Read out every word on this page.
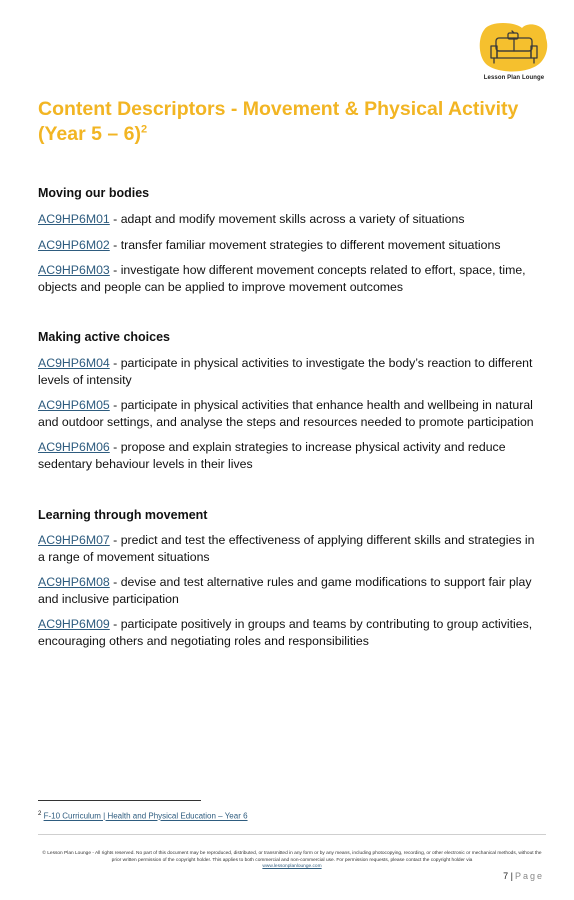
Lesson Plan Lounge
Content Descriptors - Movement & Physical Activity (Year 5 – 6)$^2$
Moving our bodies

AC9HP6M01 - adapt and modify movement skills across a variety of situations

AC9HP6M02 - transfer familiar movement strategies to different movement situations

AC9HP6M03 - investigate how different movement concepts related to effort, space, time, objects and people can be applied to improve movement outcomes

Making active choices

AC9HP6M04 - participate in physical activities to investigate the body’s reaction to different levels of intensity

AC9HP6M05 - participate in physical activities that enhance health and wellbeing in natural and outdoor settings, and analyse the steps and resources needed to promote participation

AC9HP6M06 - propose and explain strategies to increase physical activity and reduce sedentary behaviour levels in their lives

Learning through movement

AC9HP6M07 - predict and test the effectiveness of applying different skills and strategies in a range of movement situations

AC9HP6M08 - devise and test alternative rules and game modifications to support fair play and inclusive participation

AC9HP6M09 - participate positively in groups and teams by contributing to group activities, encouraging others and negotiating roles and responsibilities

$^2$ F-10 Curriculum | Health and Physical Education – Year 6
© Lesson Plan Lounge - All rights reserved. No part of this document may be reproduced, distributed, or transmitted in any form or by any means, including photocopying, recording, or other electronic or mechanical methods, without the prior written permission of the copyright holder. This applies to both commercial and non-commercial use. For permission requests, please contact the copyright holder via
www.lessonplanlounge.com
7 | Page
